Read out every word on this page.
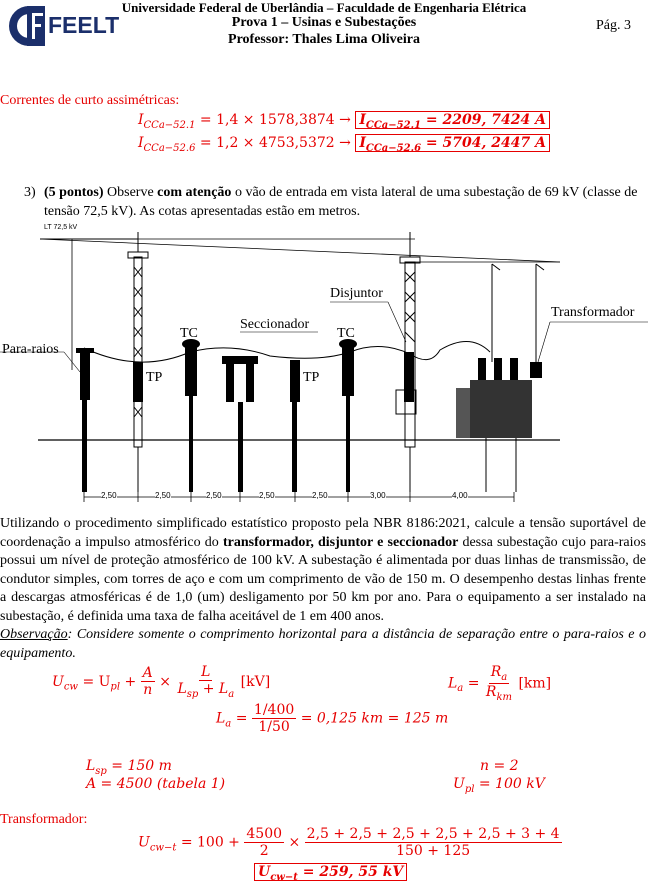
FEELT
Universidade Federal de Uberlândia – Faculdade de Engenharia Elétrica
Prova 1 – Usinas e Subestações
Professor: Thales Lima Oliveira
Pág. 3
Correntes de curto assimétricas:
$I_{CCa-52.1} = 1,4 \times 1578,3874 \to I_{CCa-52.1} = 2209$, 7424 A
$I_{CCa-52.6} = 1,2 \times 4753,5372 \to I_{CCa-52.6} = 5704$, 2447 A
3) (5 pontos) Observe com atenção o vão de entrada em vista lateral de uma subestação de 69 kV (classe de tensão 72,5 kV). As cotas apresentadas estão em metros.
LT 72,5 kV
Para-raios
TC
TP
Seccionador
TC
TP
Disjuntor
Transformador
2,50	2,50	2,50	2,50	2,50	3,00	4,00
Utilizando o procedimento simplificado estatístico proposto pela NBR 8186:2021, calcule a tensão suportável de coordenação a impulso atmosférico do transformador, disjuntor e seccionador dessa subestação cujo para-raios possui um nível de proteção atmosférico de 100 kV. A subestação é alimentada por duas linhas de transmissão, de condutor simples, com torres de aço e com um comprimento de vão de 150 m. O desempenho destas linhas frente a descargas atmosféricas é de 1,0 (um) desligamento por 50 km por ano. Para o equipamento a ser instalado na subestação, é definida uma taxa de falha aceitável de 1 em 400 anos.
Observação: Considere somente o comprimento horizontal para a distância de separação entre o para-raios e o equipamento.
$U_{cw} = U_{pl} + \frac{A}{n} \times \frac{L}{L_{sp} + L_a} [kV]$	$L_a = \frac{R_a}{R_{km}} [km]$
$L_a = \frac{1/400}{1/50} = 0,125$ km = 125 m
$L_{sp} = 150$ m
A = 4500 (tabela 1)
n = 2
$U_{pl} = 100$ kV
Transformador:
$U_{cw-t} = 100 + \frac{4500}{2} \times \frac{2,5 + 2,5 + 2,5 + 2,5 + 2,5 + 3 + 4}{150 + 125}$
$U_{cw-t} = 259$, 55 kV
